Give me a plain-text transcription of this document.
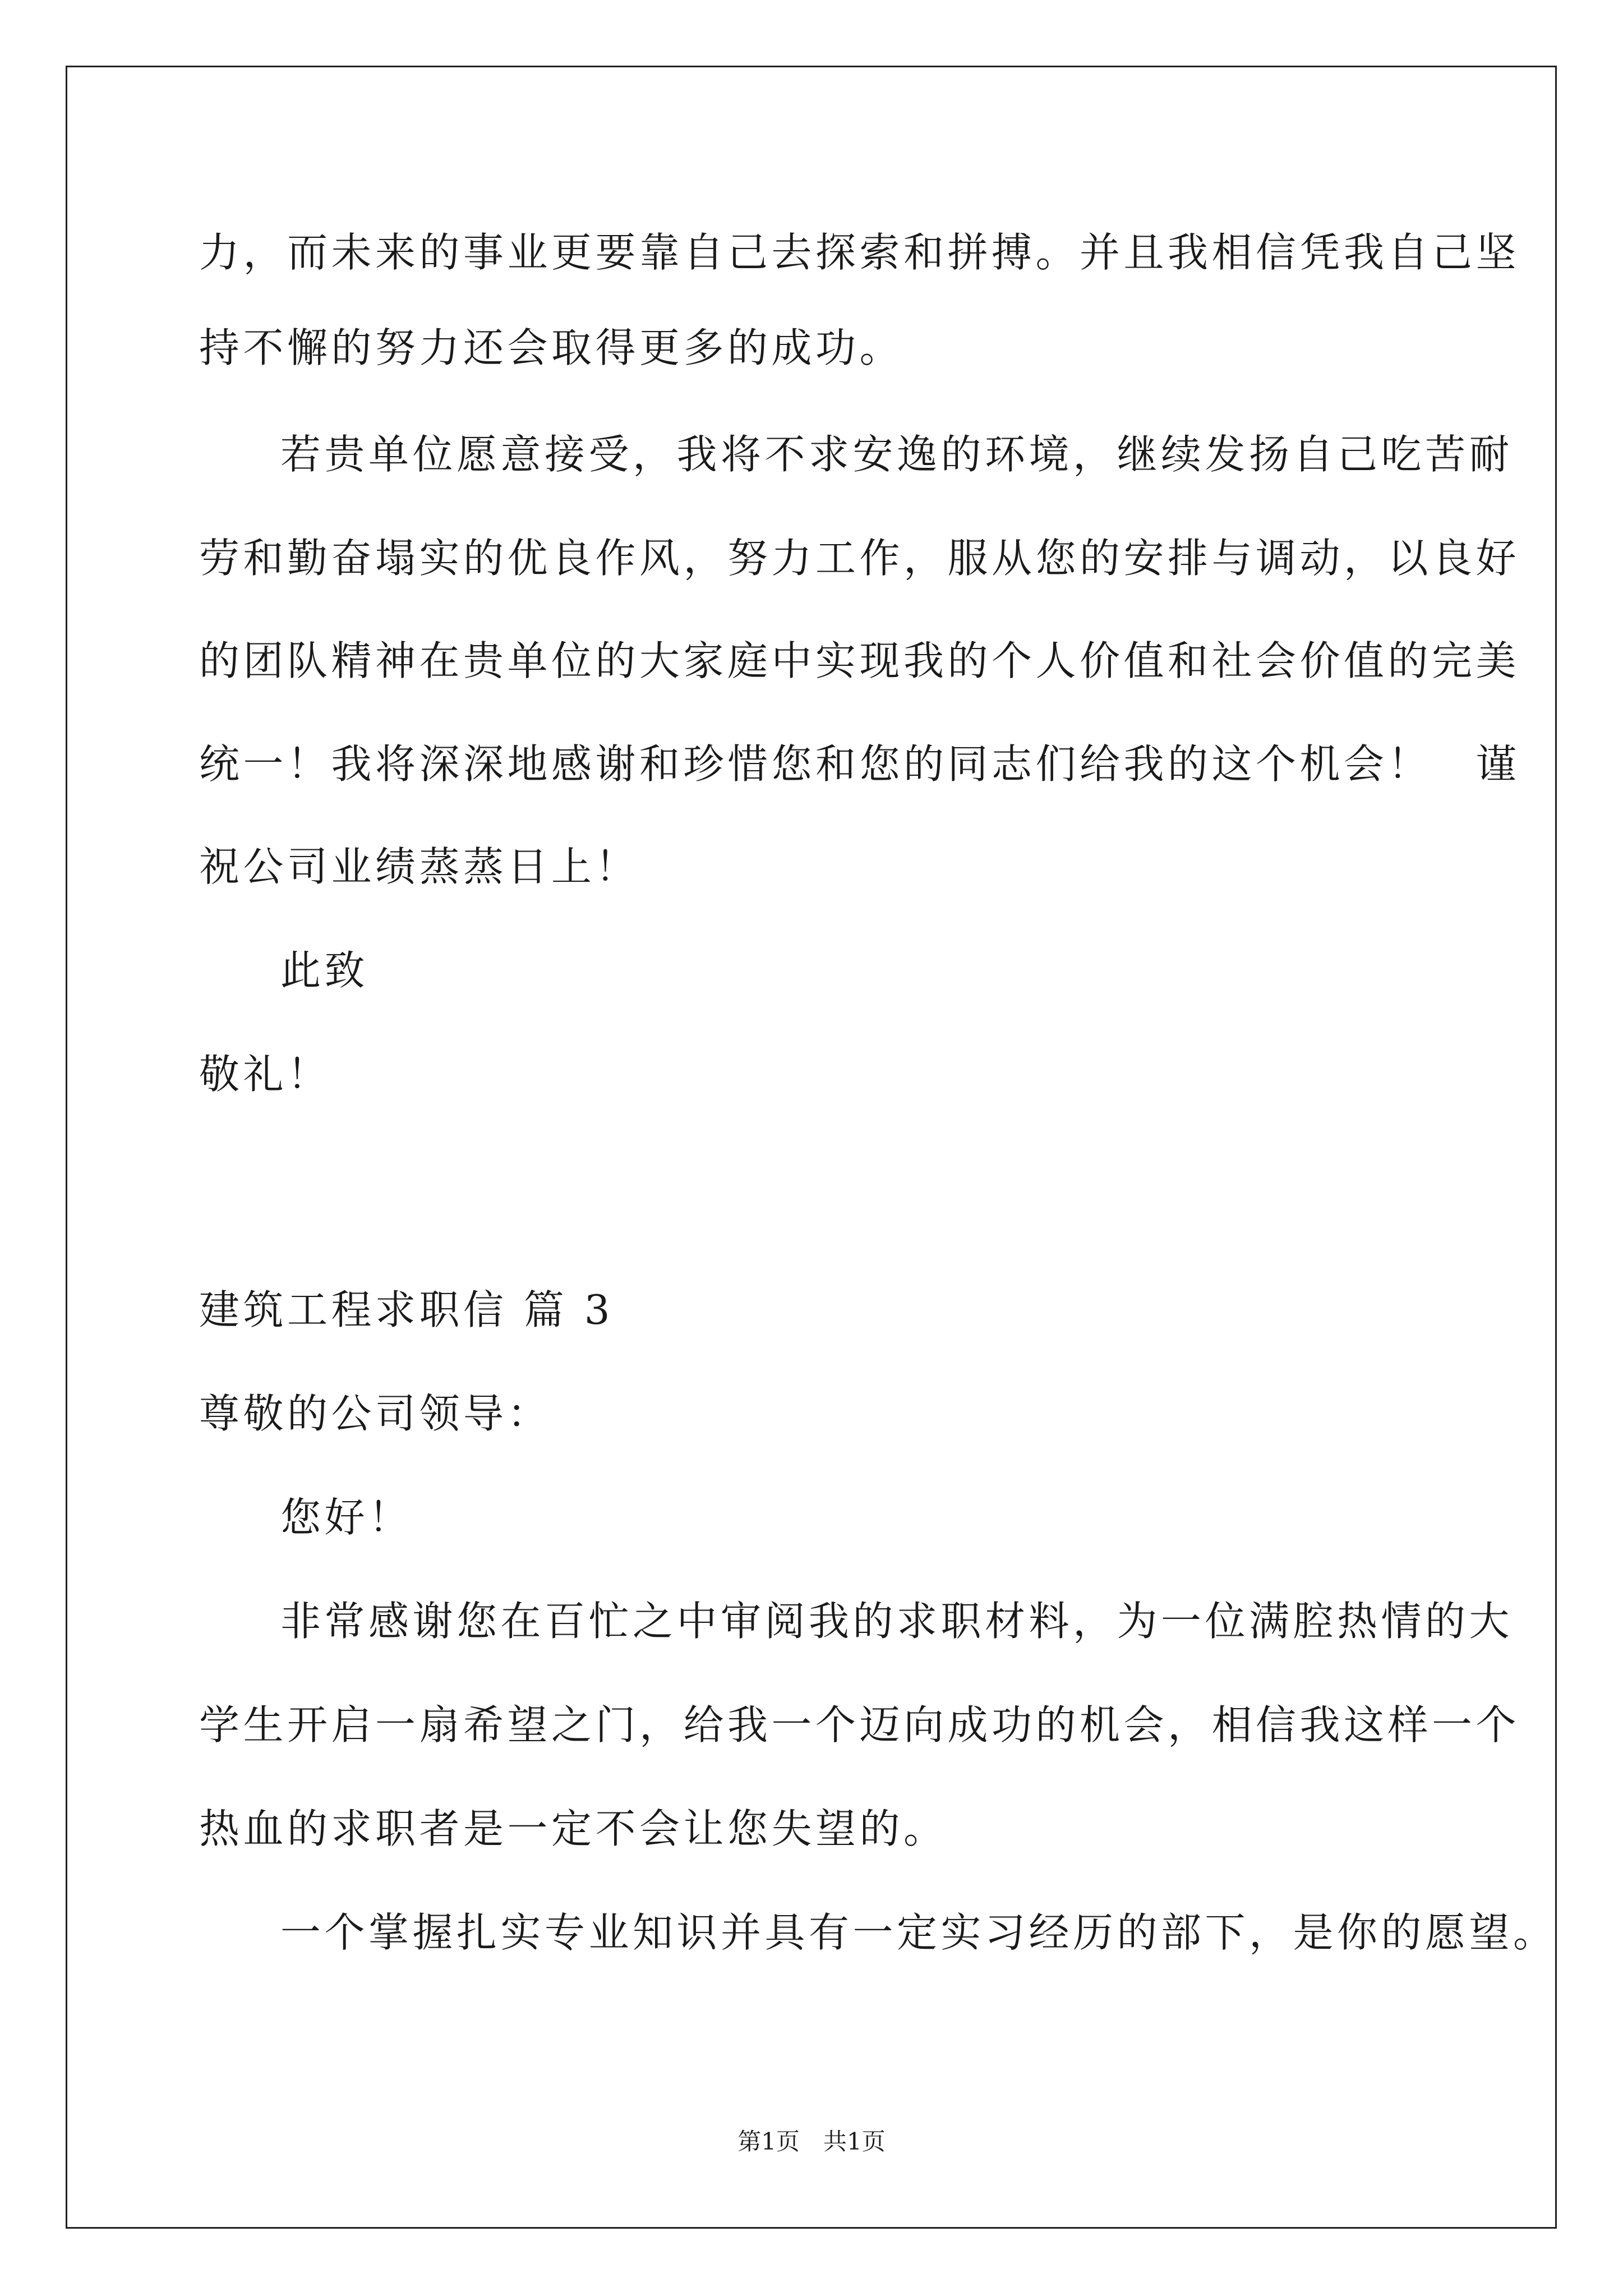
力，而未来的事业更要靠自己去探索和拼搏。并且我相信凭我自己坚
持不懈的努力还会取得更多的成功。
若贵单位愿意接受，我将不求安逸的环境，继续发扬自己吃苦耐
劳和勤奋塌实的优良作风，努力工作，服从您的安排与调动，以良好
的团队精神在贵单位的大家庭中实现我的个人价值和社会价值的完美
统一！我将深深地感谢和珍惜您和您的同志们给我的这个机会！　谨
祝公司业绩蒸蒸日上！
此致
敬礼！
建筑工程求职信 篇 3
尊敬的公司领导：
您好！
非常感谢您在百忙之中审阅我的求职材料，为一位满腔热情的大
学生开启一扇希望之门，给我一个迈向成功的机会，相信我这样一个
热血的求职者是一定不会让您失望的。
一个掌握扎实专业知识并具有一定实习经历的部下，是你的愿望。
第1页　共1页
